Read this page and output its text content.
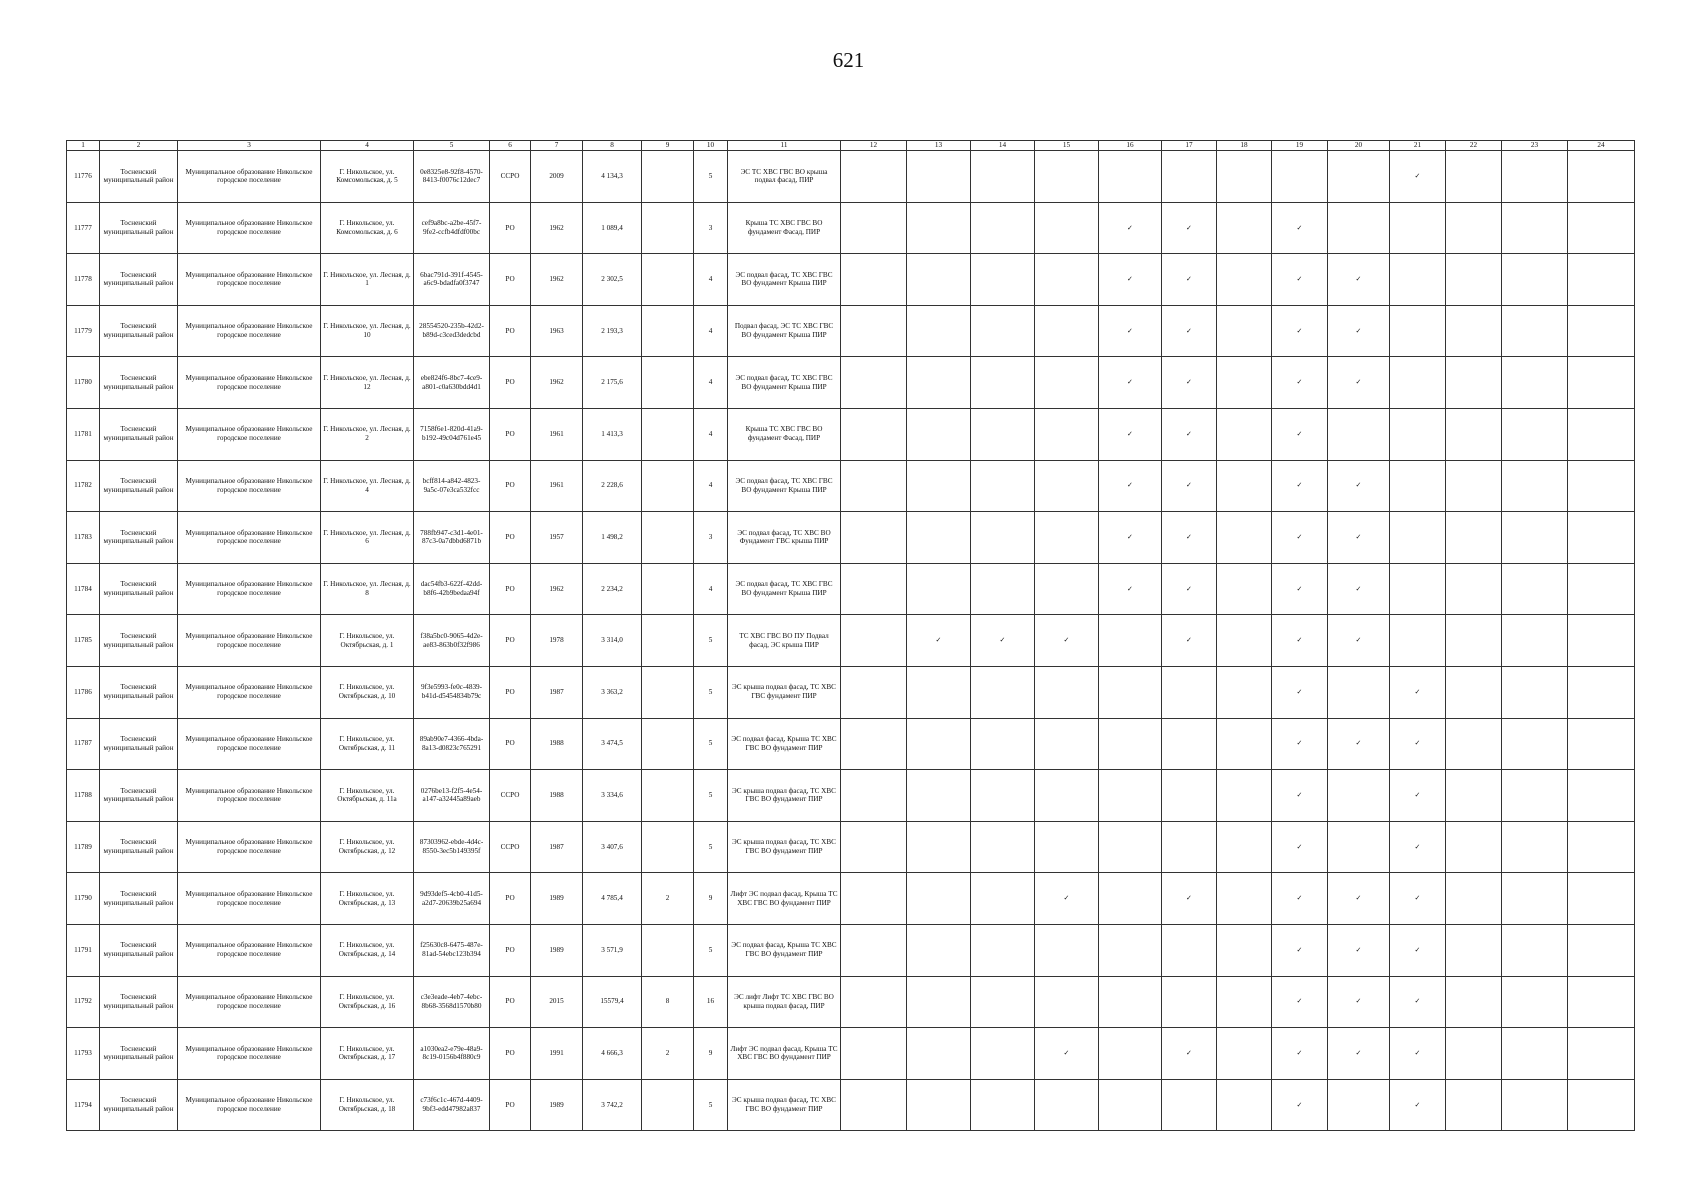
621
1	2	3	4	5	6	7	8	9	10	11	12	13	14	15	16	17	18	19	20	21	22	23	24
11776	Тосненский муниципальный район	Муниципальное образование Никольское городское поселение	Г. Никольское, ул. Комсомольская, д. 5	0e8325e8-92f8-4570-8413-f0076c12dec7	ССРО	2009	4 134,3		5	ЭС ТС ХВС ГВС ВО крыша подвал фасад, ПИР										✓			
11777	Тосненский муниципальный район	Муниципальное образование Никольское городское поселение	Г. Никольское, ул. Комсомольская, д. 6	cef9a8bc-a2be-45f7-9fe2-ccfb4dfdf00bc	РО	1962	1 089,4		3	Крыша ТС ХВС ГВС ВО фундамент Фасад, ПИР					✓	✓		✓					
11778	Тосненский муниципальный район	Муниципальное образование Никольское городское поселение	Г. Никольское, ул. Лесная, д. 1	6bac791d-391f-4545-a6c9-bdadfa0f3747	РО	1962	2 302,5		4	ЭС подвал фасад, ТС ХВС ГВС ВО фундамент Крыша ПИР					✓	✓		✓	✓				
11779	Тосненский муниципальный район	Муниципальное образование Никольское городское поселение	Г. Никольское, ул. Лесная, д. 10	28554520-235b-42d2-b89d-c3ced3dedcbd	РО	1963	2 193,3		4	Подвал фасад, ЭС ТС ХВС ГВС ВО фундамент Крыша ПИР					✓	✓		✓	✓				
11780	Тосненский муниципальный район	Муниципальное образование Никольское городское поселение	Г. Никольское, ул. Лесная, д. 12	ebe824f6-8bc7-4ce9-a801-c0a630bdd4d1	РО	1962	2 175,6		4	ЭС подвал фасад, ТС ХВС ГВС ВО фундамент Крыша ПИР					✓	✓		✓	✓				
11781	Тосненский муниципальный район	Муниципальное образование Никольское городское поселение	Г. Никольское, ул. Лесная, д. 2	7158f6e1-820d-41a9-b192-49c04d761e45	РО	1961	1 413,3		4	Крыша ТС ХВС ГВС ВО фундамент Фасад, ПИР					✓	✓		✓					
11782	Тосненский муниципальный район	Муниципальное образование Никольское городское поселение	Г. Никольское, ул. Лесная, д. 4	bcff814-a842-4823-9a5c-07e3ca532fcc	РО	1961	2 228,6		4	ЭС подвал фасад, ТС ХВС ГВС ВО фундамент Крыша ПИР					✓	✓		✓	✓				
11783	Тосненский муниципальный район	Муниципальное образование Никольское городское поселение	Г. Никольское, ул. Лесная, д. 6	788fb947-c3d1-4e01-87c3-0a7dbbd6871b	РО	1957	1 498,2		3	ЭС подвал фасад, ТС ХВС ВО Фундамент ГВС крыша ПИР					✓	✓		✓	✓				
11784	Тосненский муниципальный район	Муниципальное образование Никольское городское поселение	Г. Никольское, ул. Лесная, д. 8	dac54fb3-622f-42dd-b8f6-42b9bedaa94f	РО	1962	2 234,2		4	ЭС подвал фасад, ТС ХВС ГВС ВО фундамент Крыша ПИР					✓	✓		✓	✓				
11785	Тосненский муниципальный район	Муниципальное образование Никольское городское поселение	Г. Никольское, ул. Октябрьская, д. 1	f38a5bc0-9065-4d2e-ae83-863b0f32f986	РО	1978	3 314,0		5	ТС ХВС ГВС ВО ПУ Подвал фасад, ЭС крыша ПИР		✓	✓	✓		✓		✓	✓				
11786	Тосненский муниципальный район	Муниципальное образование Никольское городское поселение	Г. Никольское, ул. Октябрьская, д. 10	9f3e5993-fe0c-4839-b41d-d5454834b79c	РО	1987	3 363,2		5	ЭС крыша подвал фасад, ТС ХВС ГВС фундамент ПИР								✓		✓			
11787	Тосненский муниципальный район	Муниципальное образование Никольское городское поселение	Г. Никольское, ул. Октябрьская, д. 11	89ab90e7-4366-4bda-8a13-d0823c765291	РО	1988	3 474,5		5	ЭС подвал фасад, Крыша ТС ХВС ГВС ВО фундамент ПИР								✓	✓	✓			
11788	Тосненский муниципальный район	Муниципальное образование Никольское городское поселение	Г. Никольское, ул. Октябрьская, д. 11а	0276be13-f2f5-4e54-a147-a32445a89aeb	ССРО	1988	3 334,6		5	ЭС крыша подвал фасад, ТС ХВС ГВС ВО фундамент ПИР								✓		✓			
11789	Тосненский муниципальный район	Муниципальное образование Никольское городское поселение	Г. Никольское, ул. Октябрьская, д. 12	87303962-ebde-4d4c-8550-3ec5b149395f	ССРО	1987	3 407,6		5	ЭС крыша подвал фасад, ТС ХВС ГВС ВО фундамент ПИР								✓		✓			
11790	Тосненский муниципальный район	Муниципальное образование Никольское городское поселение	Г. Никольское, ул. Октябрьская, д. 13	9d93def5-4cb0-41d5-a2d7-20639b25a694	РО	1989	4 785,4	2	9	Лифт ЭС подвал фасад, Крыша ТС ХВС ГВС ВО фундамент ПИР				✓		✓		✓	✓	✓			
11791	Тосненский муниципальный район	Муниципальное образование Никольское городское поселение	Г. Никольское, ул. Октябрьская, д. 14	f25630c8-6475-487e-81ad-54ebc123b394	РО	1989	3 571,9		5	ЭС подвал фасад, Крыша ТС ХВС ГВС ВО фундамент ПИР								✓	✓	✓			
11792	Тосненский муниципальный район	Муниципальное образование Никольское городское поселение	Г. Никольское, ул. Октябрьская, д. 16	c3e3eade-4eb7-4ebc-8b68-3568d1570b80	РО	2015	15579,4	8	16	ЭС лифт Лифт ТС ХВС ГВС ВО крыша подвал фасад, ПИР								✓	✓	✓			
11793	Тосненский муниципальный район	Муниципальное образование Никольское городское поселение	Г. Никольское, ул. Октябрьская, д. 17	a1030ea2-e79e-48a9-8c19-0156b4f880c9	РО	1991	4 666,3	2	9	Лифт ЭС подвал фасад, Крыша ТС ХВС ГВС ВО фундамент ПИР				✓		✓		✓	✓	✓			
11794	Тосненский муниципальный район	Муниципальное образование Никольское городское поселение	Г. Никольское, ул. Октябрьская, д. 18	c73f6c1c-467d-4409-9bf3-edd47982a837	РО	1989	3 742,2		5	ЭС крыша подвал фасад, ТС ХВС ГВС ВО фундамент ПИР								✓		✓			
